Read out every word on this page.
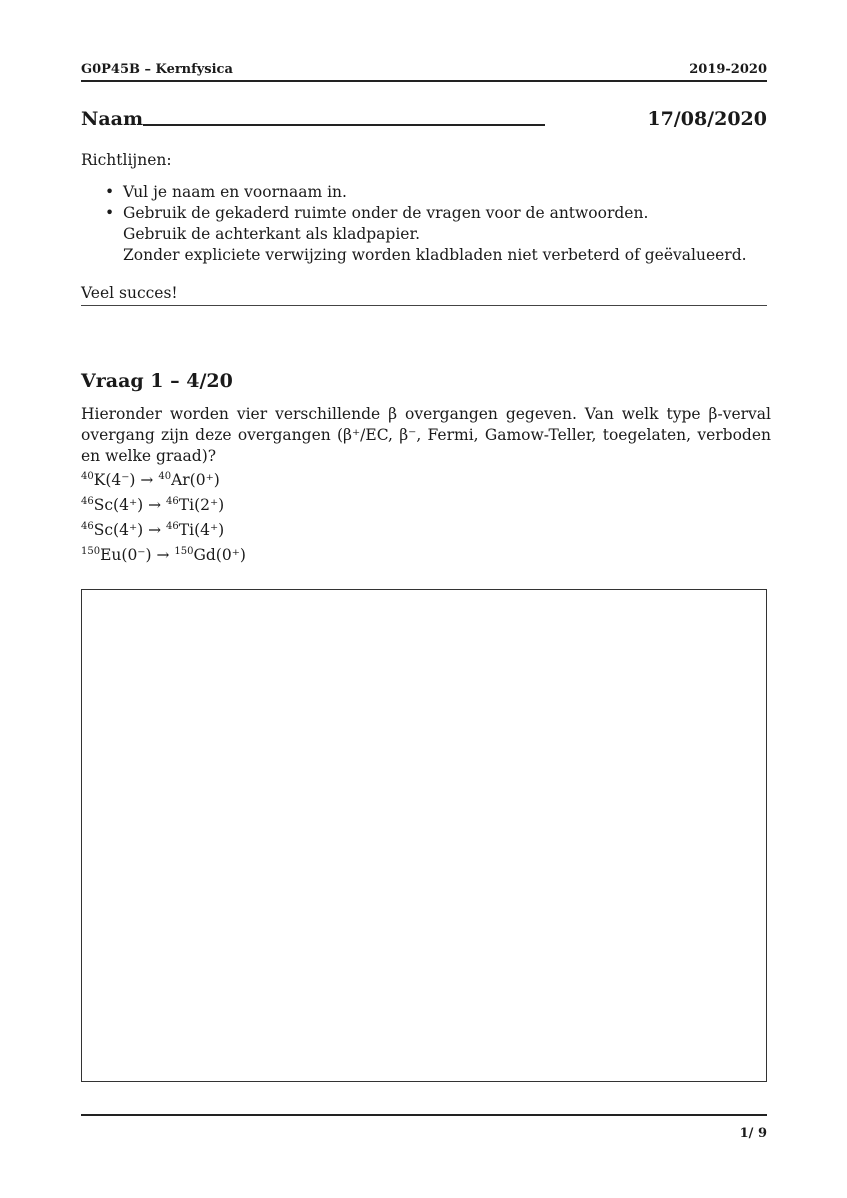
G0P45B – Kernfysica	2019-2020
Naam	17/08/2020
Richtlijnen:
• Vul je naam en voornaam in.
• Gebruik de gekaderd ruimte onder de vragen voor de antwoorden.
Gebruik de achterkant als kladpapier.
Zonder expliciete verwijzing worden kladbladen niet verbeterd of geëvalueerd.
Veel succes!
Vraag 1 – 4/20
Hieronder worden vier verschillende β overgangen gegeven. Van welk type β-verval overgang zijn deze overgangen (β⁺/EC, β⁻, Fermi, Gamow-Teller, toegelaten, verboden en welke graad)?
$^{40}$K(4⁻) → $^{40}$Ar(0⁺)
$^{46}$Sc(4⁺) → $^{46}$Ti(2⁺)
$^{46}$Sc(4⁺) → $^{46}$Ti(4⁺)
$^{150}$Eu(0⁻) → $^{150}$Gd(0⁺)
1/ 9
